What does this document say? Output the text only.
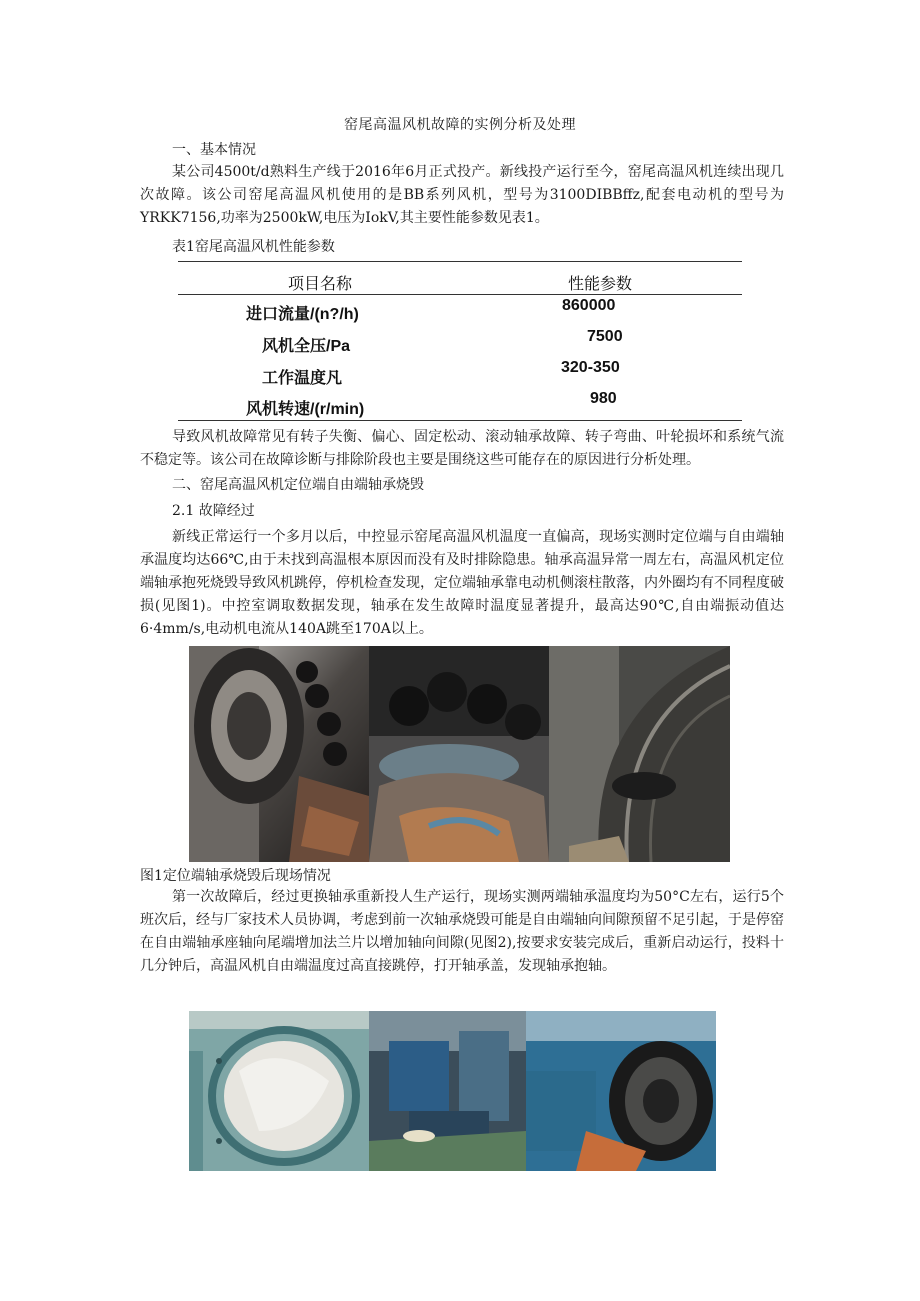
窑尾高温风机故障的实例分析及处理
一、基本情况

某公司4500t/d熟料生产线于2016年6月正式投产。新线投产运行至今，窑尾高温风机连续出现几次故障。该公司窑尾高温风机使用的是BB系列风机，型号为3100DIBBffz,配套电动机的型号为YRKK7156,功率为2500kW,电压为IokV,其主要性能参数见表1。

表1窑尾高温风机性能参数
项目名称	性能参数
进口流量/(n?/h)
860000
风机全压/Pa
7500
工作温度凡
320-350
风机转速/(r/min)
980

导致风机故障常见有转子失衡、偏心、固定松动、滚动轴承故障、转子弯曲、叶轮损坏和系统气流不稳定等。该公司在故障诊断与排除阶段也主要是围绕这些可能存在的原因进行分析处理。

二、窑尾高温风机定位端自由端轴承烧毁
2.1 故障经过

新线正常运行一个多月以后，中控显示窑尾高温风机温度一直偏高，现场实测时定位端与自由端轴承温度均达66℃,由于未找到高温根本原因而没有及时排除隐患。轴承高温异常一周左右，高温风机定位端轴承抱死烧毁导致风机跳停，停机检查发现，定位端轴承靠电动机侧滚柱散落，内外圈均有不同程度破损(见图1)。中控室调取数据发现，轴承在发生故障时温度显著提升，最高达90℃,自由端振动值达6·4mm/s,电动机电流从140A跳至170A以上。

图1定位端轴承烧毁后现场情况

第一次故障后，经过更换轴承重新投人生产运行，现场实测两端轴承温度均为50°C左右，运行5个班次后，经与厂家技术人员协调，考虑到前一次轴承烧毁可能是自由端轴向间隙预留不足引起，于是停窑在自由端轴承座轴向尾端增加法兰片以增加轴向间隙(见图2),按要求安装完成后，重新启动运行，投料十几分钟后，高温风机自由端温度过高直接跳停，打开轴承盖，发现轴承抱轴。
